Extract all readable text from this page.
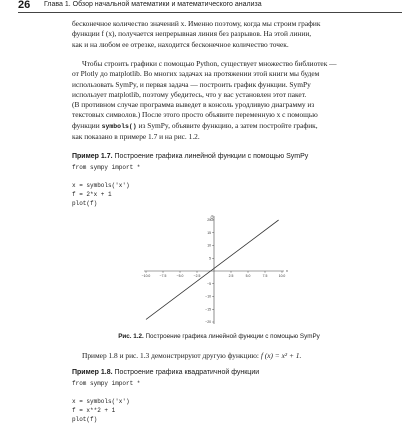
26 Глава 1. Обзор начальной математики и математического анализа
бесконечное количество значений x. Именно поэтому, когда мы строим график
функции f (x), получается непрерывная линия без разрывов. На этой линии,
как и на любом ее отрезке, находится бесконечное количество точек.
Чтобы строить графики с помощью Python, существует множество библиотек —
от Plotly до matplotlib. Во многих задачах на протяжении этой книги мы будем
использовать SymPy, и первая задача — построить график функции. SymPy
использует matplotlib, поэтому убедитесь, что у вас установлен этот пакет.
(В противном случае программа выведет в консоль уродливую диаграмму из
текстовых символов.) После этого просто объявите переменную x с помощью
функции symbols() из SymPy, объявите функцию, а затем постройте график,
как показано в примере 1.7 и на рис. 1.2.
Пример 1.7. Построение графика линейной функции с помощью SymPy
from sympy import *

x = symbols('x')
f = 2*x + 1
plot(f)
−10.0	−7.5	−5.0	−2.5	2.5	5.0	7.5	10.0
20
15
10
5
−5
−10
−15
−20
x
f(x)
Рис. 1.2. Построение графика линейной функции с помощью SymPy
Пример 1.8 и рис. 1.3 демонстрируют другую функцию: f (x) = x² + 1.
Пример 1.8. Построение графика квадратичной функции
from sympy import *

x = symbols('x')
f = x**2 + 1
plot(f)
